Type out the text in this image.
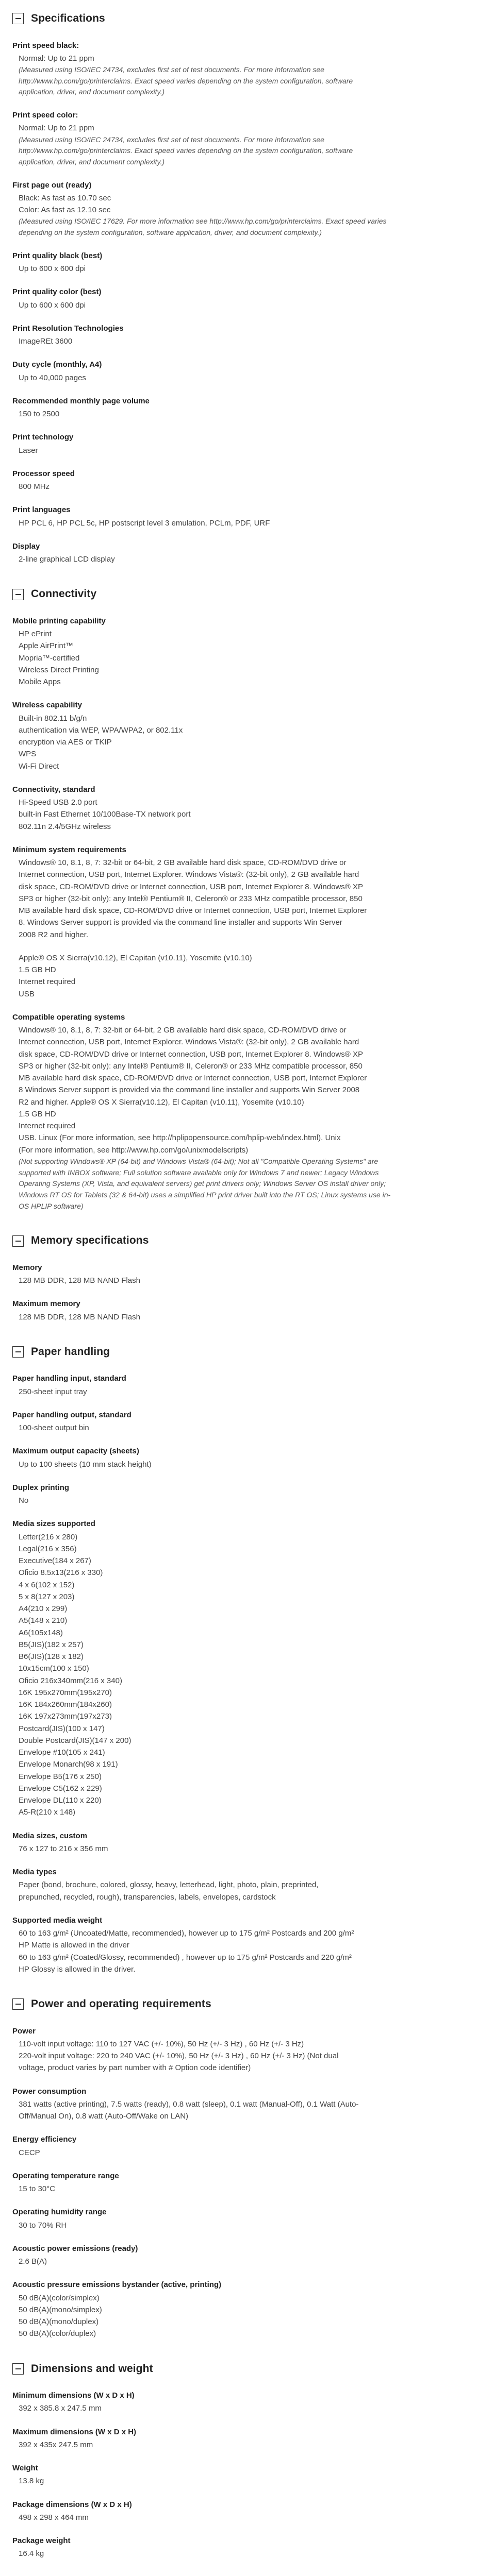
Specifications
Print speed black:
Normal: Up to 21 ppm
(Measured using ISO/IEC 24734, excludes first set of test documents. For more information see
http://www.hp.com/go/printerclaims. Exact speed varies depending on the system configuration, software
application, driver, and document complexity.)
Print speed color:
Normal: Up to 21 ppm
(Measured using ISO/IEC 24734, excludes first set of test documents. For more information see
http://www.hp.com/go/printerclaims. Exact speed varies depending on the system configuration, software
application, driver, and document complexity.)
First page out (ready)
Black: As fast as 10.70 sec
Color: As fast as 12.10 sec
(Measured using ISO/IEC 17629. For more information see http://www.hp.com/go/printerclaims. Exact speed varies
depending on the system configuration, software application, driver, and document complexity.)
Print quality black (best)
Up to 600 x 600 dpi
Print quality color (best)
Up to 600 x 600 dpi
Print Resolution Technologies
ImageREt 3600
Duty cycle (monthly, A4)
Up to 40,000 pages
Recommended monthly page volume
150 to 2500
Print technology
Laser
Processor speed
800 MHz
Print languages
HP PCL 6, HP PCL 5c, HP postscript level 3 emulation, PCLm, PDF, URF
Display
2-line graphical LCD display
Connectivity
Mobile printing capability
HP ePrint
Apple AirPrint™
Mopria™-certified
Wireless Direct Printing
Mobile Apps
Wireless capability
Built-in 802.11 b/g/n
authentication via WEP, WPA/WPA2, or 802.11x
encryption via AES or TKIP
WPS
Wi-Fi Direct
Connectivity, standard
Hi-Speed USB 2.0 port
built-in Fast Ethernet 10/100Base-TX network port
802.11n 2.4/5GHz wireless
Minimum system requirements
Windows® 10, 8.1, 8, 7: 32-bit or 64-bit, 2 GB available hard disk space, CD-ROM/DVD drive or
Internet connection, USB port, Internet Explorer. Windows Vista®: (32-bit only), 2 GB available hard
disk space, CD-ROM/DVD drive or Internet connection, USB port, Internet Explorer 8. Windows® XP
SP3 or higher (32-bit only): any Intel® Pentium® II, Celeron® or 233 MHz compatible processor, 850
MB available hard disk space, CD-ROM/DVD drive or Internet connection, USB port, Internet Explorer
8. Windows Server support is provided via the command line installer and supports Win Server
2008 R2 and higher.
Apple® OS X Sierra(v10.12), El Capitan (v10.11), Yosemite (v10.10)
1.5 GB HD
Internet required
USB
Compatible operating systems
Windows® 10, 8.1, 8, 7: 32-bit or 64-bit, 2 GB available hard disk space, CD-ROM/DVD drive or
Internet connection, USB port, Internet Explorer. Windows Vista®: (32-bit only), 2 GB available hard
disk space, CD-ROM/DVD drive or Internet connection, USB port, Internet Explorer 8. Windows® XP
SP3 or higher (32-bit only): any Intel® Pentium® II, Celeron® or 233 MHz compatible processor, 850
MB available hard disk space, CD-ROM/DVD drive or Internet connection, USB port, Internet Explorer
8 Windows Server support is provided via the command line installer and supports Win Server 2008
R2 and higher. Apple® OS X Sierra(v10.12), El Capitan (v10.11), Yosemite (v10.10)
1.5 GB HD
Internet required
USB. Linux (For more information, see http://hplipopensource.com/hplip-web/index.html). Unix
(For more information, see http://www.hp.com/go/unixmodelscripts)
(Not supporting Windows® XP (64-bit) and Windows Vista® (64-bit); Not all "Compatible Operating Systems" are
supported with INBOX software; Full solution software available only for Windows 7 and newer; Legacy Windows
Operating Systems (XP, Vista, and equivalent servers) get print drivers only; Windows Server OS install driver only;
Windows RT OS for Tablets (32 & 64-bit) uses a simplified HP print driver built into the RT OS; Linux systems use in-
OS HPLIP software)
Memory specifications
Memory
128 MB DDR, 128 MB NAND Flash
Maximum memory
128 MB DDR, 128 MB NAND Flash
Paper handling
Paper handling input, standard
250-sheet input tray
Paper handling output, standard
100-sheet output bin
Maximum output capacity (sheets)
Up to 100 sheets (10 mm stack height)
Duplex printing
No
Media sizes supported
Letter(216 x 280)
Legal(216 x 356)
Executive(184 x 267)
Oficio 8.5x13(216 x 330)
4 x 6(102 x 152)
5 x 8(127 x 203)
A4(210 x 299)
A5(148 x 210)
A6(105x148)
B5(JIS)(182 x 257)
B6(JIS)(128 x 182)
10x15cm(100 x 150)
Oficio 216x340mm(216 x 340)
16K 195x270mm(195x270)
16K 184x260mm(184x260)
16K 197x273mm(197x273)
Postcard(JIS)(100 x 147)
Double Postcard(JIS)(147 x 200)
Envelope #10(105 x 241)
Envelope Monarch(98 x 191)
Envelope B5(176 x 250)
Envelope C5(162 x 229)
Envelope DL(110 x 220)
A5-R(210 x 148)
Media sizes, custom
76 x 127 to 216 x 356 mm
Media types
Paper (bond, brochure, colored, glossy, heavy, letterhead, light, photo, plain, preprinted,
prepunched, recycled, rough), transparencies, labels, envelopes, cardstock
Supported media weight
60 to 163 g/m² (Uncoated/Matte, recommended), however up to 175 g/m² Postcards and 200 g/m²
HP Matte is allowed in the driver
60 to 163 g/m² (Coated/Glossy, recommended) , however up to 175 g/m² Postcards and 220 g/m²
HP Glossy is allowed in the driver.
Power and operating requirements
Power
110-volt input voltage: 110 to 127 VAC (+/- 10%), 50 Hz (+/- 3 Hz) , 60 Hz (+/- 3 Hz)
220-volt input voltage: 220 to 240 VAC (+/- 10%), 50 Hz (+/- 3 Hz) , 60 Hz (+/- 3 Hz) (Not dual
voltage, product varies by part number with # Option code identifier)
Power consumption
381 watts (active printing), 7.5 watts (ready), 0.8 watt (sleep), 0.1 watt (Manual-Off), 0.1 Watt (Auto-
Off/Manual On), 0.8 watt (Auto-Off/Wake on LAN)
Energy efficiency
CECP
Operating temperature range
15 to 30°C
Operating humidity range
30 to 70% RH
Acoustic power emissions (ready)
2.6 B(A)
Acoustic pressure emissions bystander (active, printing)
50 dB(A)(color/simplex)
50 dB(A)(mono/simplex)
50 dB(A)(mono/duplex)
50 dB(A)(color/duplex)
Dimensions and weight
Minimum dimensions (W x D x H)
392 x 385.8 x 247.5 mm
Maximum dimensions (W x D x H)
392 x 435x 247.5 mm
Weight
13.8 kg
Package dimensions (W x D x H)
498 x 298 x 464 mm
Package weight
16.4 kg
